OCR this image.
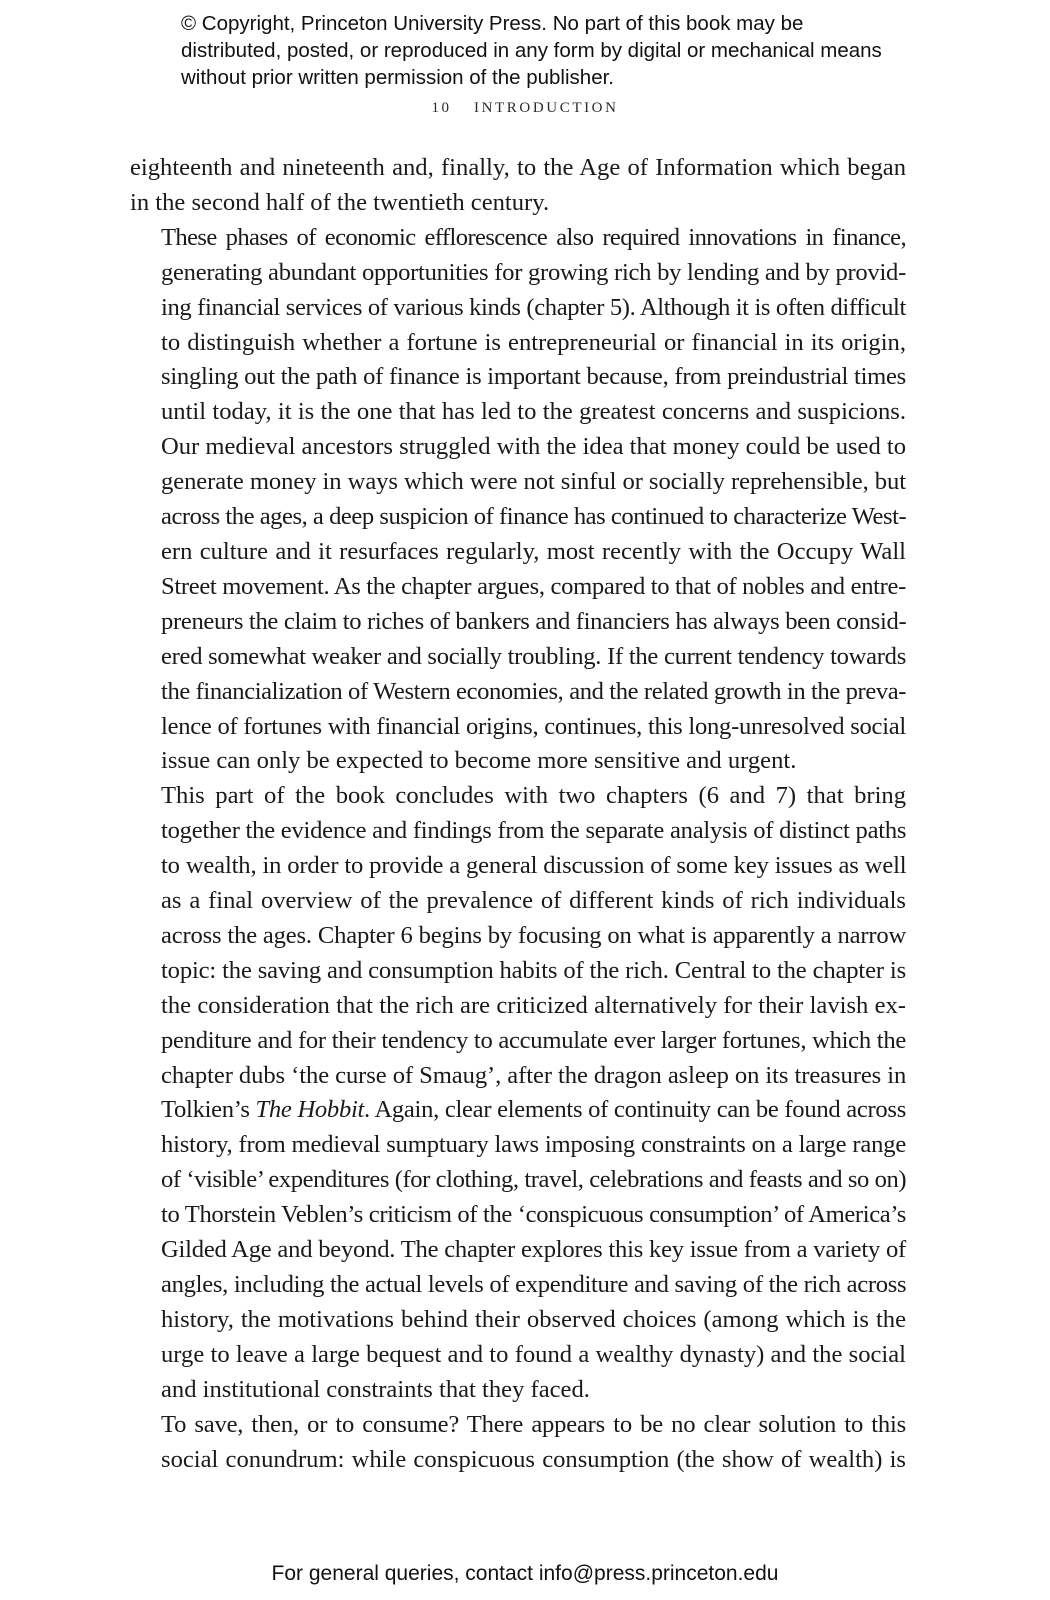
© Copyright, Princeton University Press. No part of this book may be distributed, posted, or reproduced in any form by digital or mechanical means without prior written permission of the publisher.
10 INTRODUCTION

eighteenth and nineteenth and, finally, to the Age of Information which began
in the second half of the twentieth century.

These phases of economic efflorescence also required innovations in finance,
generating abundant opportunities for growing rich by lending and by provid-
ing financial services of various kinds (chapter 5). Although it is often difficult
to distinguish whether a fortune is entrepreneurial or financial in its origin,
singling out the path of finance is important because, from preindustrial times
until today, it is the one that has led to the greatest concerns and suspicions.
Our medieval ancestors struggled with the idea that money could be used to
generate money in ways which were not sinful or socially reprehensible, but
across the ages, a deep suspicion of finance has continued to characterize West-
ern culture and it resurfaces regularly, most recently with the Occupy Wall
Street movement. As the chapter argues, compared to that of nobles and entre-
preneurs the claim to riches of bankers and financiers has always been consid-
ered somewhat weaker and socially troubling. If the current tendency towards
the financialization of Western economies, and the related growth in the preva-
lence of fortunes with financial origins, continues, this long-unresolved social
issue can only be expected to become more sensitive and urgent.

This part of the book concludes with two chapters (6 and 7) that bring
together the evidence and findings from the separate analysis of distinct paths
to wealth, in order to provide a general discussion of some key issues as well
as a final overview of the prevalence of different kinds of rich individuals
across the ages. Chapter 6 begins by focusing on what is apparently a narrow
topic: the saving and consumption habits of the rich. Central to the chapter is
the consideration that the rich are criticized alternatively for their lavish ex-
penditure and for their tendency to accumulate ever larger fortunes, which the
chapter dubs ‘the curse of Smaug’, after the dragon asleep on its treasures in
Tolkien’s The Hobbit. Again, clear elements of continuity can be found across
history, from medieval sumptuary laws imposing constraints on a large range
of ‘visible’ expenditures (for clothing, travel, celebrations and feasts and so on)
to Thorstein Veblen’s criticism of the ‘conspicuous consumption’ of America’s
Gilded Age and beyond. The chapter explores this key issue from a variety of
angles, including the actual levels of expenditure and saving of the rich across
history, the motivations behind their observed choices (among which is the
urge to leave a large bequest and to found a wealthy dynasty) and the social
and institutional constraints that they faced.

To save, then, or to consume? There appears to be no clear solution to this
social conundrum: while conspicuous consumption (the show of wealth) is

For general queries, contact info@press.princeton.edu
